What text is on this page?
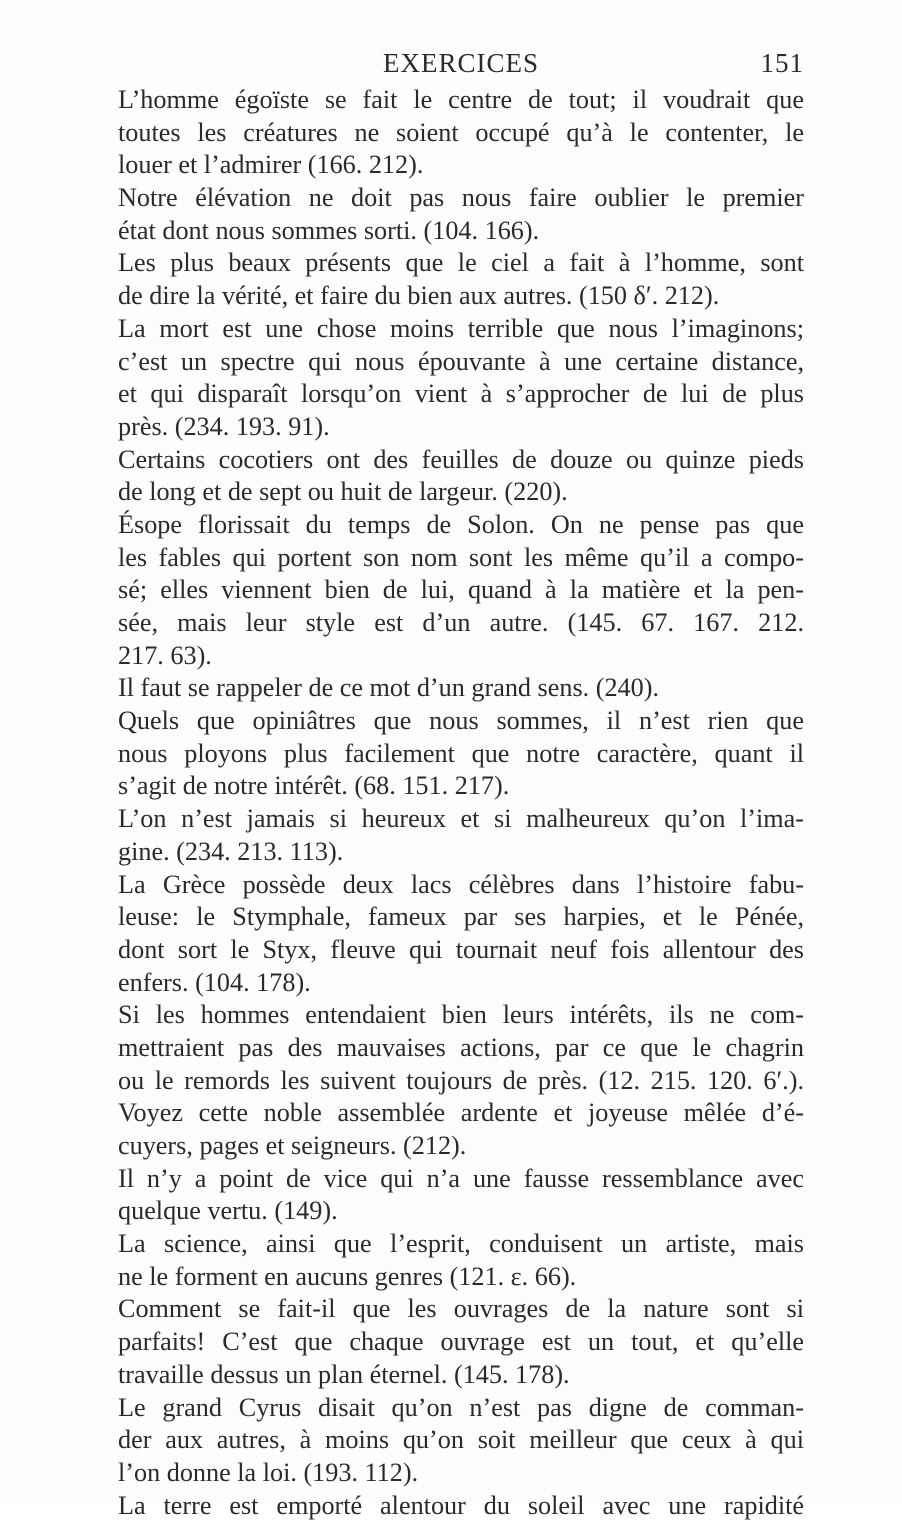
EXERCICES	151
L’homme égoïste se fait le centre de tout; il voudrait que
toutes les créatures ne soient occupé qu’à le contenter, le
louer et l’admirer (166. 212).
Notre élévation ne doit pas nous faire oublier le premier
état dont nous sommes sorti. (104. 166).
Les plus beaux présents que le ciel a fait à l’homme, sont
de dire la vérité, et faire du bien aux autres. (150 δ′. 212).
La mort est une chose moins terrible que nous l’imaginons;
c’est un spectre qui nous épouvante à une certaine distance,
et qui disparaît lorsqu’on vient à s’approcher de lui de plus
près. (234. 193. 91).
Certains cocotiers ont des feuilles de douze ou quinze pieds
de long et de sept ou huit de largeur. (220).
Ésope florissait du temps de Solon. On ne pense pas que
les fables qui portent son nom sont les même qu’il a compo-
sé; elles viennent bien de lui, quand à la matière et la pen-
sée, mais leur style est d’un autre. (145. 67. 167. 212.
217. 63).
Il faut se rappeler de ce mot d’un grand sens. (240).
Quels que opiniâtres que nous sommes, il n’est rien que
nous ployons plus facilement que notre caractère, quant il
s’agit de notre intérêt. (68. 151. 217).
L’on n’est jamais si heureux et si malheureux qu’on l’ima-
gine. (234. 213. 113).
La Grèce possède deux lacs célèbres dans l’histoire fabu-
leuse: le Stymphale, fameux par ses harpies, et le Pénée,
dont sort le Styx, fleuve qui tournait neuf fois allentour des
enfers. (104. 178).
Si les hommes entendaient bien leurs intérêts, ils ne com-
mettraient pas des mauvaises actions, par ce que le chagrin
ou le remords les suivent toujours de près. (12. 215. 120. 6′.).
Voyez cette noble assemblée ardente et joyeuse mêlée d’é-
cuyers, pages et seigneurs. (212).
Il n’y a point de vice qui n’a une fausse ressemblance avec
quelque vertu. (149).
La science, ainsi que l’esprit, conduisent un artiste, mais
ne le forment en aucuns genres (121. ε. 66).
Comment se fait-il que les ouvrages de la nature sont si
parfaits! C’est que chaque ouvrage est un tout, et qu’elle
travaille dessus un plan éternel. (145. 178).
Le grand Cyrus disait qu’on n’est pas digne de comman-
der aux autres, à moins qu’on soit meilleur que ceux à qui
l’on donne la loi. (193. 112).
La terre est emporté alentour du soleil avec une rapidité
